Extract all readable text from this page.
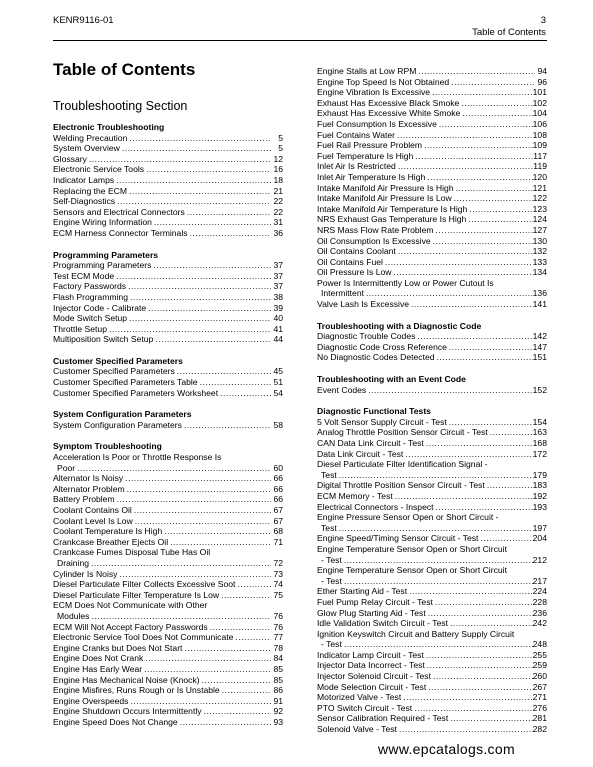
KENR9116-01	3
Table of Contents
Table of Contents
Troubleshooting Section
Electronic Troubleshooting
Welding Precaution .....	5
System Overview .....	5
Glossary .....	12
Electronic Service Tools .....	16
Indicator Lamps .....	18
Replacing the ECM .....	21
Self-Diagnostics .....	22
Sensors and Electrical Connectors .....	22
Engine Wiring Information .....	31
ECM Harness Connector Terminals .....	36
Programming Parameters
Programming Parameters .....	37
Test ECM Mode .....	37
Factory Passwords .....	37
Flash Programming .....	38
Injector Code - Calibrate .....	39
Mode Switch Setup .....	40
Throttle Setup .....	41
Multiposition Switch Setup .....	44
Customer Specified Parameters
Customer Specified Parameters .....	45
Customer Specified Parameters Table .....	51
Customer Specified Parameters Worksheet .....	54
System Configuration Parameters
System Configuration Parameters .....	58
Symptom Troubleshooting
Acceleration Is Poor or Throttle Response Is
Poor .....	60
Alternator Is Noisy .....	66
Alternator Problem .....	66
Battery Problem .....	66
Coolant Contains Oil .....	67
Coolant Level Is Low .....	67
Coolant Temperature Is High .....	68
Crankcase Breather Ejects Oil .....	71
Crankcase Fumes Disposal Tube Has Oil
Draining .....	72
Cylinder Is Noisy .....	73
Diesel Particulate Filter Collects Excessive Soot .....	74
Diesel Particulate Filter Temperature Is Low .....	75
ECM Does Not Communicate with Other
Modules .....	76
ECM Will Not Accept Factory Passwords .....	76
Electronic Service Tool Does Not Communicate .....	77
Engine Cranks but Does Not Start .....	78
Engine Does Not Crank .....	84
Engine Has Early Wear .....	85
Engine Has Mechanical Noise (Knock) .....	85
Engine Misfires, Runs Rough or Is Unstable .....	86
Engine Overspeeds .....	91
Engine Shutdown Occurs Intermittently .....	92
Engine Speed Does Not Change .....	93
Engine Stalls at Low RPM .....	94
Engine Top Speed Is Not Obtained .....	96
Engine Vibration Is Excessive .....	101
Exhaust Has Excessive Black Smoke .....	102
Exhaust Has Excessive White Smoke .....	104
Fuel Consumption Is Excessive .....	106
Fuel Contains Water .....	108
Fuel Rail Pressure Problem .....	109
Fuel Temperature Is High .....	117
Inlet Air Is Restricted .....	119
Inlet Air Temperature Is High .....	120
Intake Manifold Air Pressure Is High .....	121
Intake Manifold Air Pressure Is Low .....	122
Intake Manifold Air Temperature Is High .....	123
NRS Exhaust Gas Temperature Is High .....	124
NRS Mass Flow Rate Problem .....	127
Oil Consumption Is Excessive .....	130
Oil Contains Coolant .....	132
Oil Contains Fuel .....	133
Oil Pressure Is Low .....	134
Power Is Intermittently Low or Power Cutout Is
Intermittent .....	136
Valve Lash Is Excessive .....	141
Troubleshooting with a Diagnostic Code
Diagnostic Trouble Codes .....	142
Diagnostic Code Cross Reference .....	147
No Diagnostic Codes Detected .....	151
Troubleshooting with an Event Code
Event Codes .....	152
Diagnostic Functional Tests
5 Volt Sensor Supply Circuit - Test .....	154
Analog Throttle Position Sensor Circuit - Test .....	163
CAN Data Link Circuit - Test .....	168
Data Link Circuit - Test .....	172
Diesel Particulate Filter Identification Signal -
Test .....	179
Digital Throttle Position Sensor Circuit - Test .....	183
ECM Memory - Test .....	192
Electrical Connectors - Inspect .....	193
Engine Pressure Sensor Open or Short Circuit -
Test .....	197
Engine Speed/Timing Sensor Circuit - Test .....	204
Engine Temperature Sensor Open or Short Circuit
- Test .....	212
Engine Temperature Sensor Open or Short Circuit
- Test .....	217
Ether Starting Aid - Test .....	224
Fuel Pump Relay Circuit - Test .....	228
Glow Plug Starting Aid - Test .....	236
Idle Validation Switch Circuit - Test .....	242
Ignition Keyswitch Circuit and Battery Supply Circuit
- Test .....	248
Indicator Lamp Circuit - Test .....	255
Injector Data Incorrect - Test .....	259
Injector Solenoid Circuit - Test .....	260
Mode Selection Circuit - Test .....	267
Motorized Valve - Test .....	271
PTO Switch Circuit - Test .....	276
Sensor Calibration Required - Test .....	281
Solenoid Valve - Test .....	282
www.epcatalogs.com
